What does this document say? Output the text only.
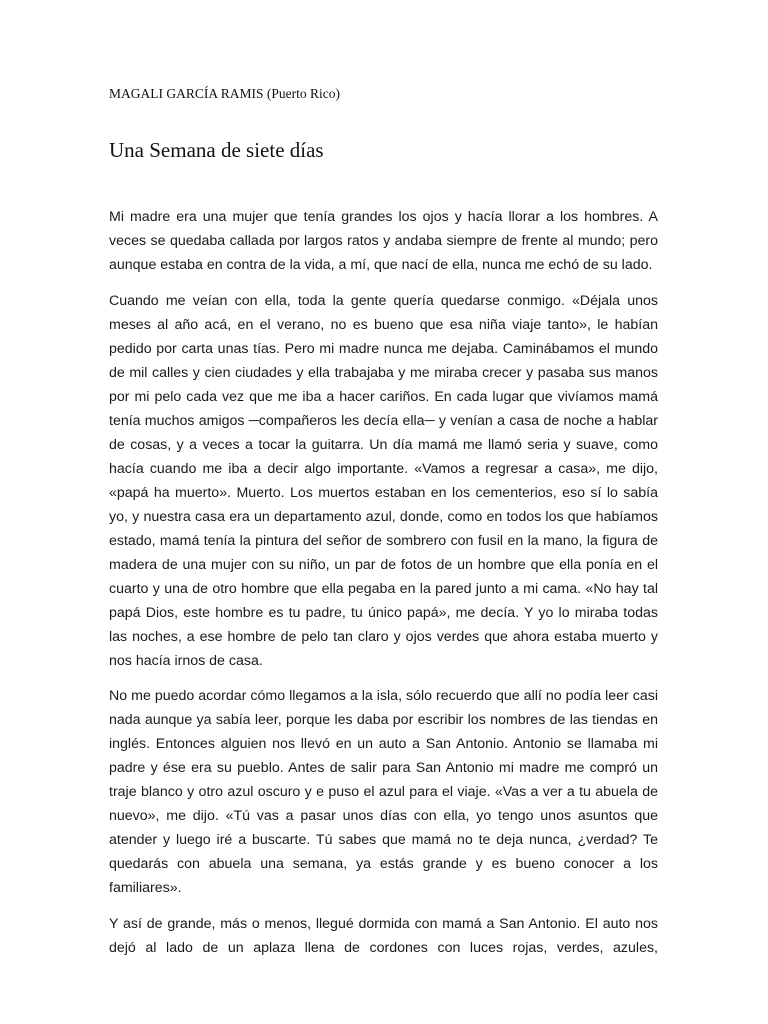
MAGALI GARCÍA RAMIS (Puerto Rico)
Una Semana de siete días

Mi madre era una mujer que tenía grandes los ojos y hacía llorar a los hombres. A veces se quedaba callada por largos ratos y andaba siempre de frente al mundo; pero aunque estaba en contra de la vida, a mí, que nací de ella, nunca me echó de su lado.

Cuando me veían con ella, toda la gente quería quedarse conmigo. «Déjala unos meses al año acá, en el verano, no es bueno que esa niña viaje tanto», le habían pedido por carta unas tías. Pero mi madre nunca me dejaba. Caminábamos el mundo de mil calles y cien ciudades y ella trabajaba y me miraba crecer y pasaba sus manos por mi pelo cada vez que me iba a hacer cariños. En cada lugar que vivíamos mamá tenía muchos amigos ─compañeros les decía ella─ y venían a casa de noche a hablar de cosas, y a veces a tocar la guitarra. Un día mamá me llamó seria y suave, como hacía cuando me iba a decir algo importante. «Vamos a regresar a casa», me dijo, «papá ha muerto». Muerto. Los muertos estaban en los cementerios, eso sí lo sabía yo, y nuestra casa era un departamento azul, donde, como en todos los que habíamos estado, mamá tenía la pintura del señor de sombrero con fusil en la mano, la figura de madera de una mujer con su niño, un par de fotos de un hombre que ella ponía en el cuarto y una de otro hombre que ella pegaba en la pared junto a mi cama. «No hay tal papá Dios, este hombre es tu padre, tu único papá», me decía. Y yo lo miraba todas las noches, a ese hombre de pelo tan claro y ojos verdes que ahora estaba muerto y nos hacía irnos de casa.

No me puedo acordar cómo llegamos a la isla, sólo recuerdo que allí no podía leer casi nada aunque ya sabía leer, porque les daba por escribir los nombres de las tiendas en inglés. Entonces alguien nos llevó en un auto a San Antonio. Antonio se llamaba mi padre y ése era su pueblo. Antes de salir para San Antonio mi madre me compró un traje blanco y otro azul oscuro y e puso el azul para el viaje. «Vas a ver a tu abuela de nuevo», me dijo. «Tú vas a pasar unos días con ella, yo tengo unos asuntos que atender y luego iré a buscarte. Tú sabes que mamá no te deja nunca, ¿verdad? Te quedarás con abuela una semana, ya estás grande y es bueno conocer a los familiares».

Y así de grande, más o menos, llegué dormida con mamá a San Antonio. El auto nos dejó al lado de un aplaza llena de cordones con luces rojas, verdes, azules,
